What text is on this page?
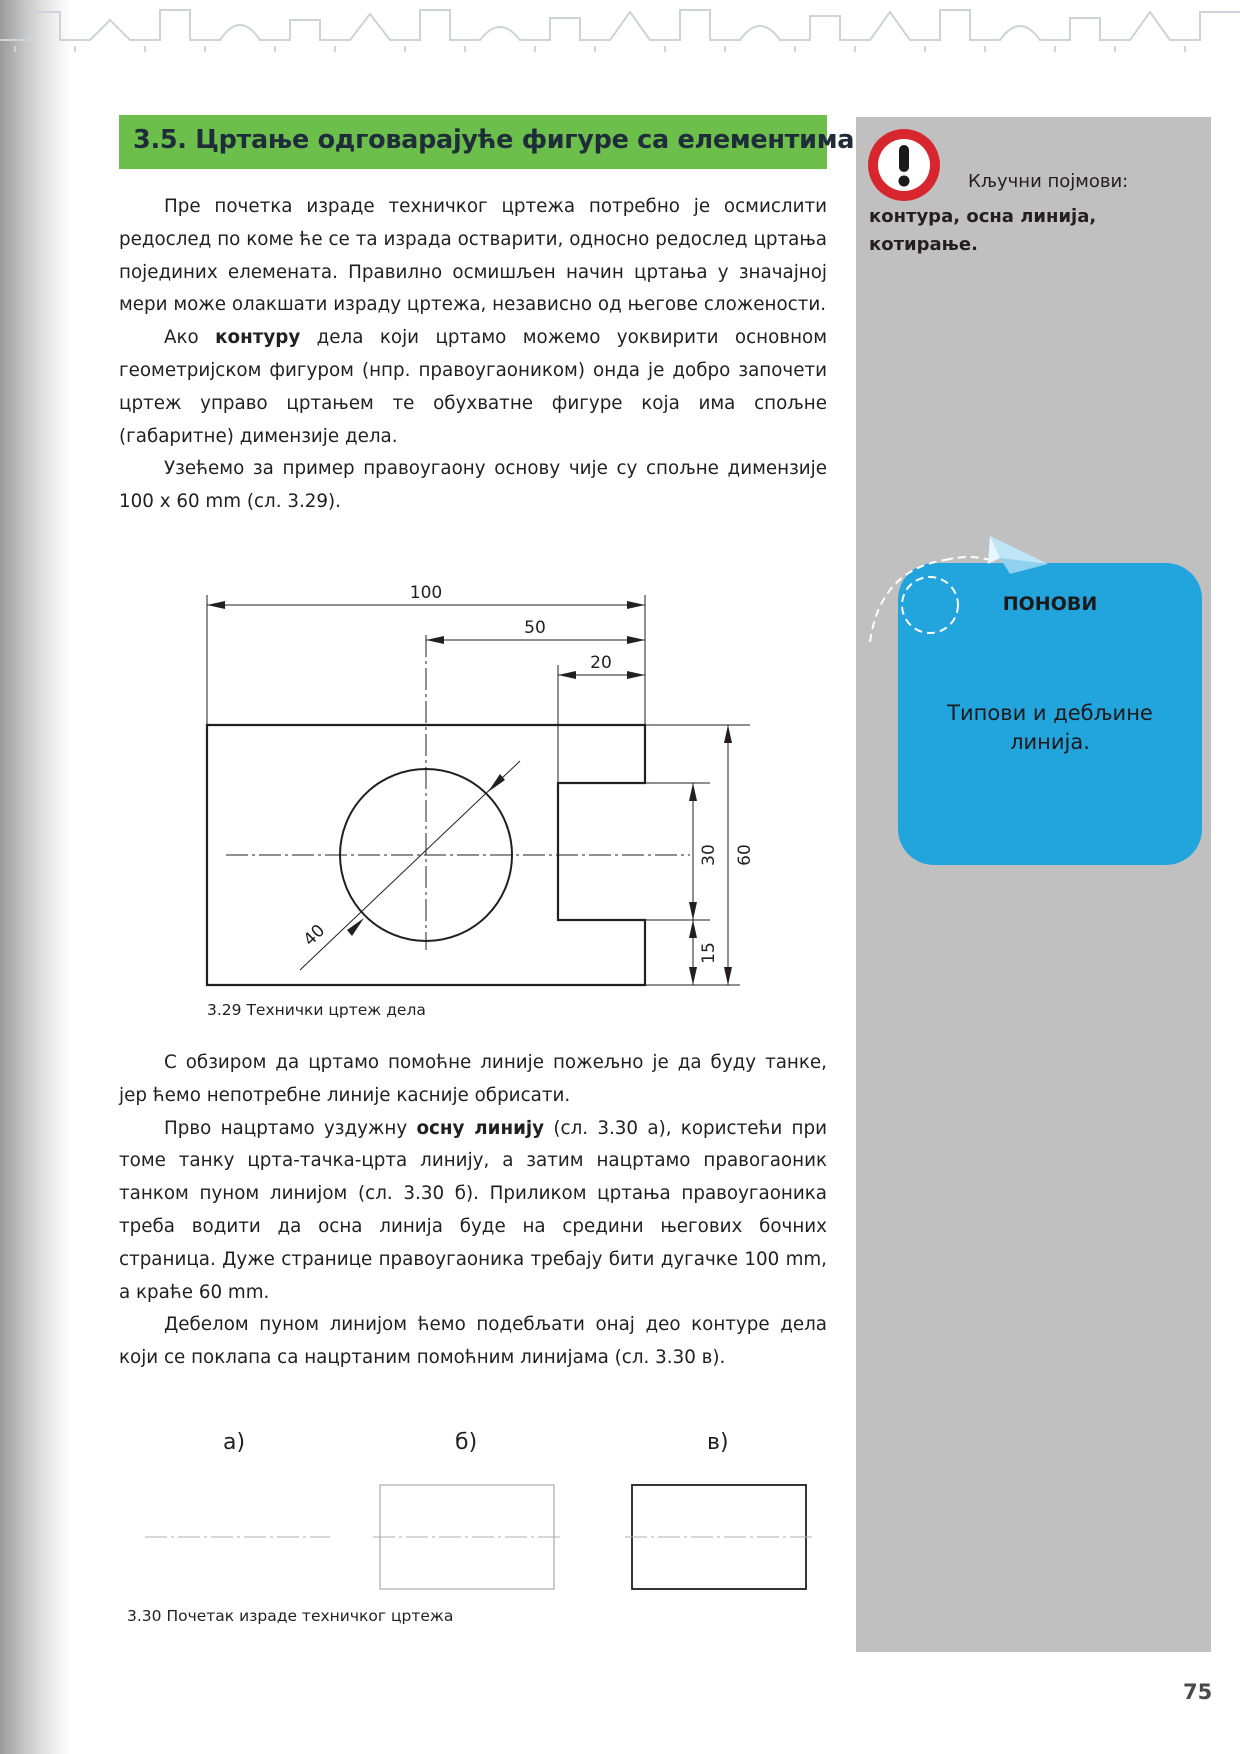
3.5. Цртање одговарајуће фигуре са елементима

Пре почетка израде техничког цртежа потребно је осмислити редослед по коме ће се та израда остварити, односно редослед цртања појединих елемената. Правилно осмишљен начин цртања у значајној мери може олакшати израду цртежа, независно од његове сложености.

Ако контуру дела који цртамо можемо уоквирити основном геометријском фигуром (нпр. правоугаоником) онда је добро започети цртеж управо цртањем те обухватне фигуре која има спољне (габаритне) димензије дела.

Узећемо за пример правоугаону основу чије су спољне димензије 100 x 60 mm (сл. 3.29).

100
50
20
30 60
15
40
3.29 Технички цртеж дела

С обзиром да цртамо помоћне линије пожељно је да буду танке, јер ћемо непотребне линије касније обрисати.

Прво нацртамо уздужну осну линију (сл. 3.30 а), користећи при томе танку црта-тачка-црта линију, а затим нацртамо правогаоник танком пуном линијом (сл. 3.30 б). Приликом цртања правоугаоника треба водити да осна линија буде на средини његових бочних страница. Дуже странице правоугаоника требају бити дугачке 100 mm, а краће 60 mm.

Дебелом пуном линијом ћемо подебљати онај део контуре дела који се поклапа са нацртаним помоћним линијама (сл. 3.30 в).

а)	б)	в)
3.30 Почетак израде техничког цртежа
Кључни појмови:
контура, осна линија, котирање.
ПОНОВИ
Типови и дебљине линија.
75
